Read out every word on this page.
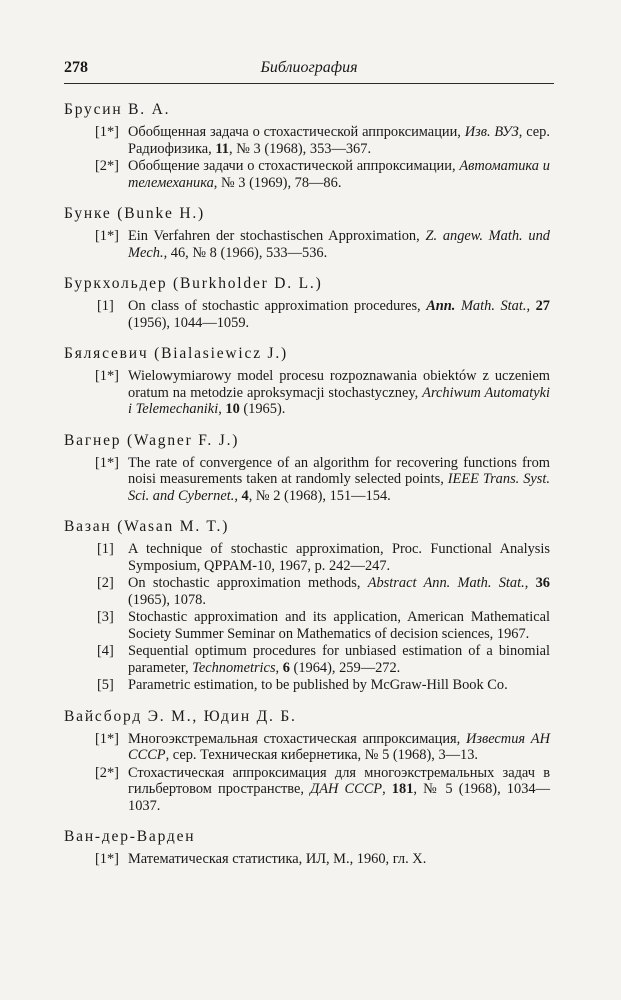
278	Библиография

Брусин В. А.

[1*] Обобщенная задача о стохастической аппроксимации, Изв. ВУЗ, сер. Радиофизика, 11, № 3 (1968), 353—367.
[2*] Обобщение задачи о стохастической аппроксимации, Автоматика и телемеханика, № 3 (1969), 78—86.

Бунке (Bunke H.)

[1*] Ein Verfahren der stochastischen Approximation, Z. angew. Math. und Mech., 46, № 8 (1966), 533—536.

Буркхольдер (Burkholder D. L.)

[1] On class of stochastic approximation procedures, Ann. Math. Stat., 27 (1956), 1044—1059.

Бялясевич (Bialasiewicz J.)

[1*] Wielowymiarowy model procesu rozpoznawania obiektów z uczeniem oratum na metodzie aproksymacji stochastyczney, Archiwum Automatyki i Telemechaniki, 10 (1965).

Вагнер (Wagner F. J.)

[1*] The rate of convergence of an algorithm for recovering functions from noisi measurements taken at randomly selected points, IEEE Trans. Syst. Sci. and Cybernet., 4, № 2 (1968), 151—154.

Вазан (Wasan M. T.)

[1] A technique of stochastic approximation, Proc. Functional Analysis Symposium, QPPAM-10, 1967, p. 242—247.
[2] On stochastic approximation methods, Abstract Ann. Math. Stat., 36 (1965), 1078.
[3] Stochastic approximation and its application, American Mathematical Society Summer Seminar on Mathematics of decision sciences, 1967.
[4] Sequential optimum procedures for unbiased estimation of a binomial parameter, Technometrics, 6 (1964), 259—272.
[5] Parametric estimation, to be published by McGraw-Hill Book Co.

Вайсборд Э. М., Юдин Д. Б.

[1*] Многоэкстремальная стохастическая аппроксимация, Известия АН СССР, сер. Техническая кибернетика, № 5 (1968), 3—13.
[2*] Стохастическая аппроксимация для многоэкстремальных задач в гильбертовом пространстве, ДАН СССР, 181, № 5 (1968), 1034—1037.

Ван-дер-Варден

[1*] Математическая статистика, ИЛ, М., 1960, гл. X.
